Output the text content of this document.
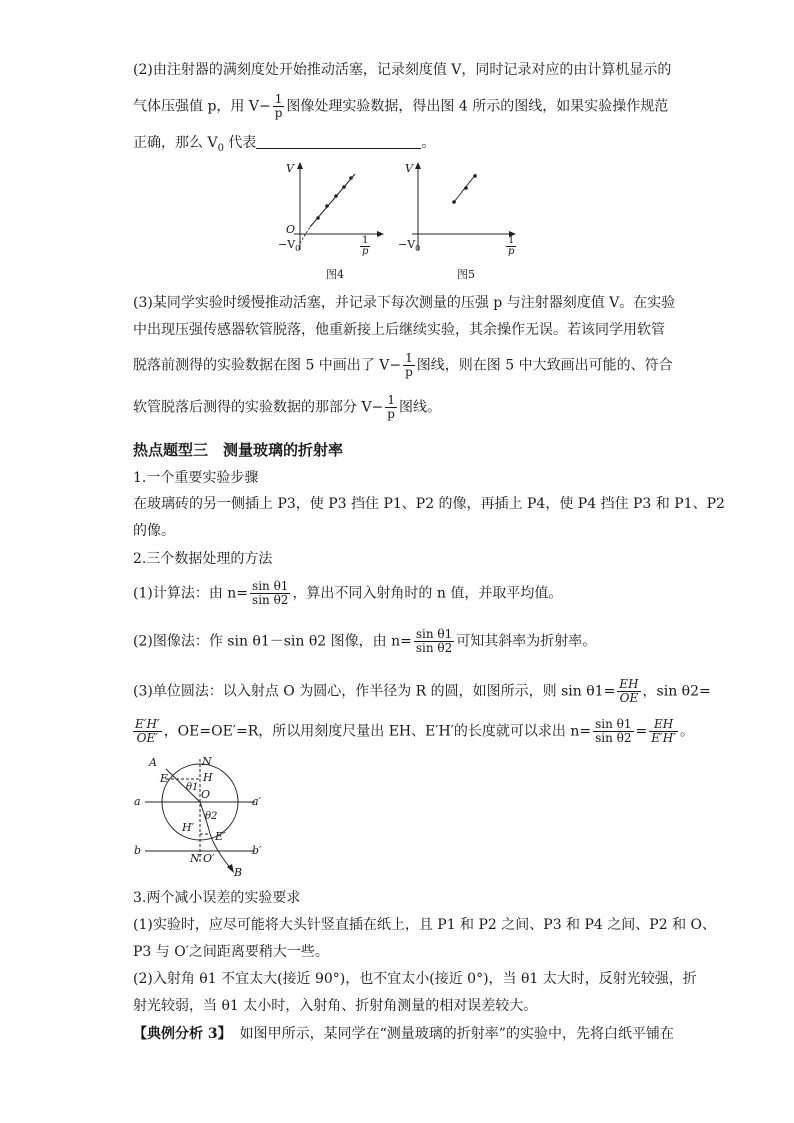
(2)由注射器的满刻度处开始推动活塞，记录刻度值 V，同时记录对应的由计算机显示的
气体压强值 p，用 $V- \frac{1}{p}$ 图像处理实验数据，得出图 4 所示的图线，如果实验操作规范
正确，那么 $V_0$ 代表	。
V
O
$-V_0$	$\frac{1}{p}$
图4
V
$-V_0$	$\frac{1}{p}$
图5
(3)某同学实验时缓慢推动活塞，并记录下每次测量的压强 p 与注射器刻度值 V。在实验
中出现压强传感器软管脱落，他重新接上后继续实验，其余操作无误。若该同学用软管
脱落前测得的实验数据在图 5 中画出了 $V- \frac{1}{p}$ 图线，则在图 5 中大致画出可能的、符合
软管脱落后测得的实验数据的那部分 $V- \frac{1}{p}$ 图线。
热点题型三　测量玻璃的折射率
1.一个重要实验步骤
在玻璃砖的另一侧插上 P3，使 P3 挡住 P1、P2 的像，再插上 P4，使 P4 挡住 P3 和 P1、P2
的像。
2.三个数据处理的方法
(1)计算法：由 $n= \frac{\text{sin θ1}}{\text{sin θ2}}$ ，算出不同入射角时的 n 值，并取平均值。
(2)图像法：作 sin θ1－sin θ2 图像，由 $n= \frac{\text{sin θ1}}{\text{sin θ2}}$ 可知其斜率为折射率。
(3)单位圆法：以入射点 O 为圆心，作半径为 R 的圆，如图所示，则 $\sin \theta 1= \frac{EH}{OE}$ ，sin θ2=
$\frac{E'H'}{OE'}$ ，OE=OE′=R，所以用刻度尺量出 EH、E′H′的长度就可以求出 $n= \frac{\text{sin θ1}}{\text{sin θ2}} = \frac{EH}{E'H'}$ 。
A	N
E	H
θ1
O
a	a′
θ2
H′
E′
b	b′
N′ O′
B
3.两个减小误差的实验要求
(1)实验时，应尽可能将大头针竖直插在纸上，且 P1 和 P2 之间、P3 和 P4 之间、P2 和 O、
P3 与 O′之间距离要稍大一些。
(2)入射角 θ1 不宜太大(接近 90°)，也不宜太小(接近 0°)，当 θ1 太大时，反射光较强，折
射光较弱，当 θ1 太小时，入射角、折射角测量的相对误差较大。
【典例分析 3】 如图甲所示，某同学在“测量玻璃的折射率”的实验中，先将白纸平铺在
